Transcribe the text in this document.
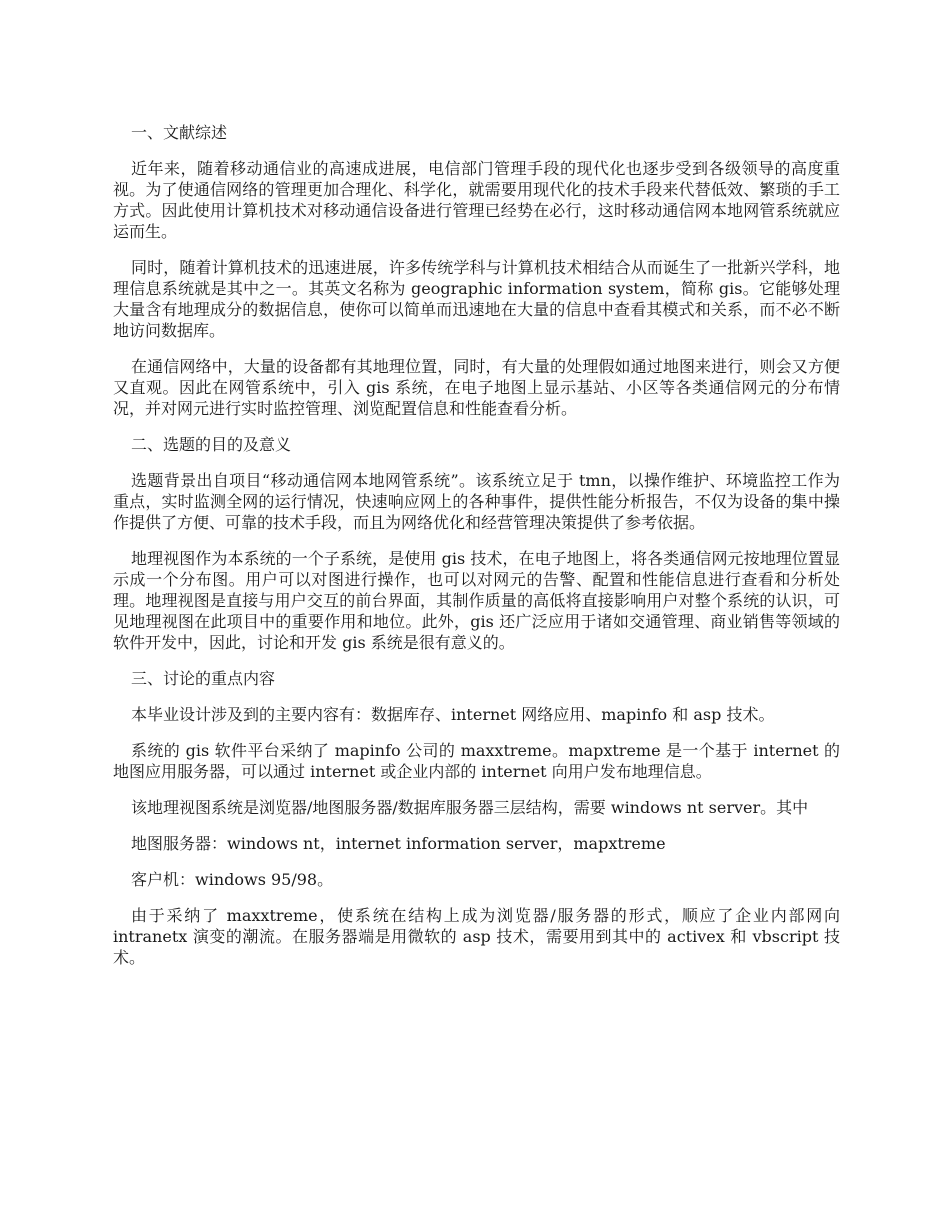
一、文献综述

近年来，随着移动通信业的高速成进展，电信部门管理手段的现代化也逐步受到各级领导的高度重视。为了使通信网络的管理更加合理化、科学化，就需要用现代化的技术手段来代替低效、繁琐的手工方式。因此使用计算机技术对移动通信设备进行管理已经势在必行，这时移动通信网本地网管系统就应运而生。

同时，随着计算机技术的迅速进展，许多传统学科与计算机技术相结合从而诞生了一批新兴学科，地理信息系统就是其中之一。其英文名称为 geographic information system，简称 gis。它能够处理大量含有地理成分的数据信息，使你可以简单而迅速地在大量的信息中查看其模式和关系，而不必不断地访问数据库。

在通信网络中，大量的设备都有其地理位置，同时，有大量的处理假如通过地图来进行，则会又方便又直观。因此在网管系统中，引入 gis 系统，在电子地图上显示基站、小区等各类通信网元的分布情况，并对网元进行实时监控管理、浏览配置信息和性能查看分析。

二、选题的目的及意义

选题背景出自项目“移动通信网本地网管系统”。该系统立足于 tmn，以操作维护、环境监控工作为重点，实时监测全网的运行情况，快速响应网上的各种事件，提供性能分析报告，不仅为设备的集中操作提供了方便、可靠的技术手段，而且为网络优化和经营管理决策提供了参考依据。

地理视图作为本系统的一个子系统，是使用 gis 技术，在电子地图上，将各类通信网元按地理位置显示成一个分布图。用户可以对图进行操作，也可以对网元的告警、配置和性能信息进行查看和分析处理。地理视图是直接与用户交互的前台界面，其制作质量的高低将直接影响用户对整个系统的认识，可见地理视图在此项目中的重要作用和地位。此外，gis 还广泛应用于诸如交通管理、商业销售等领域的软件开发中，因此，讨论和开发 gis 系统是很有意义的。

三、讨论的重点内容

本毕业设计涉及到的主要内容有：数据库存、internet 网络应用、mapinfo 和 asp 技术。

系统的 gis 软件平台采纳了 mapinfo 公司的 maxxtreme。mapxtreme 是一个基于 internet 的地图应用服务器，可以通过 internet 或企业内部的 internet 向用户发布地理信息。

该地理视图系统是浏览器/地图服务器/数据库服务器三层结构，需要 windows nt server。其中

地图服务器：windows nt，internet information server，mapxtreme

客户机：windows 95/98。

由于采纳了 maxxtreme，使系统在结构上成为浏览器/服务器的形式，顺应了企业内部网向 intranetx 演变的潮流。在服务器端是用微软的 asp 技术，需要用到其中的 activex 和 vbscript 技术。
